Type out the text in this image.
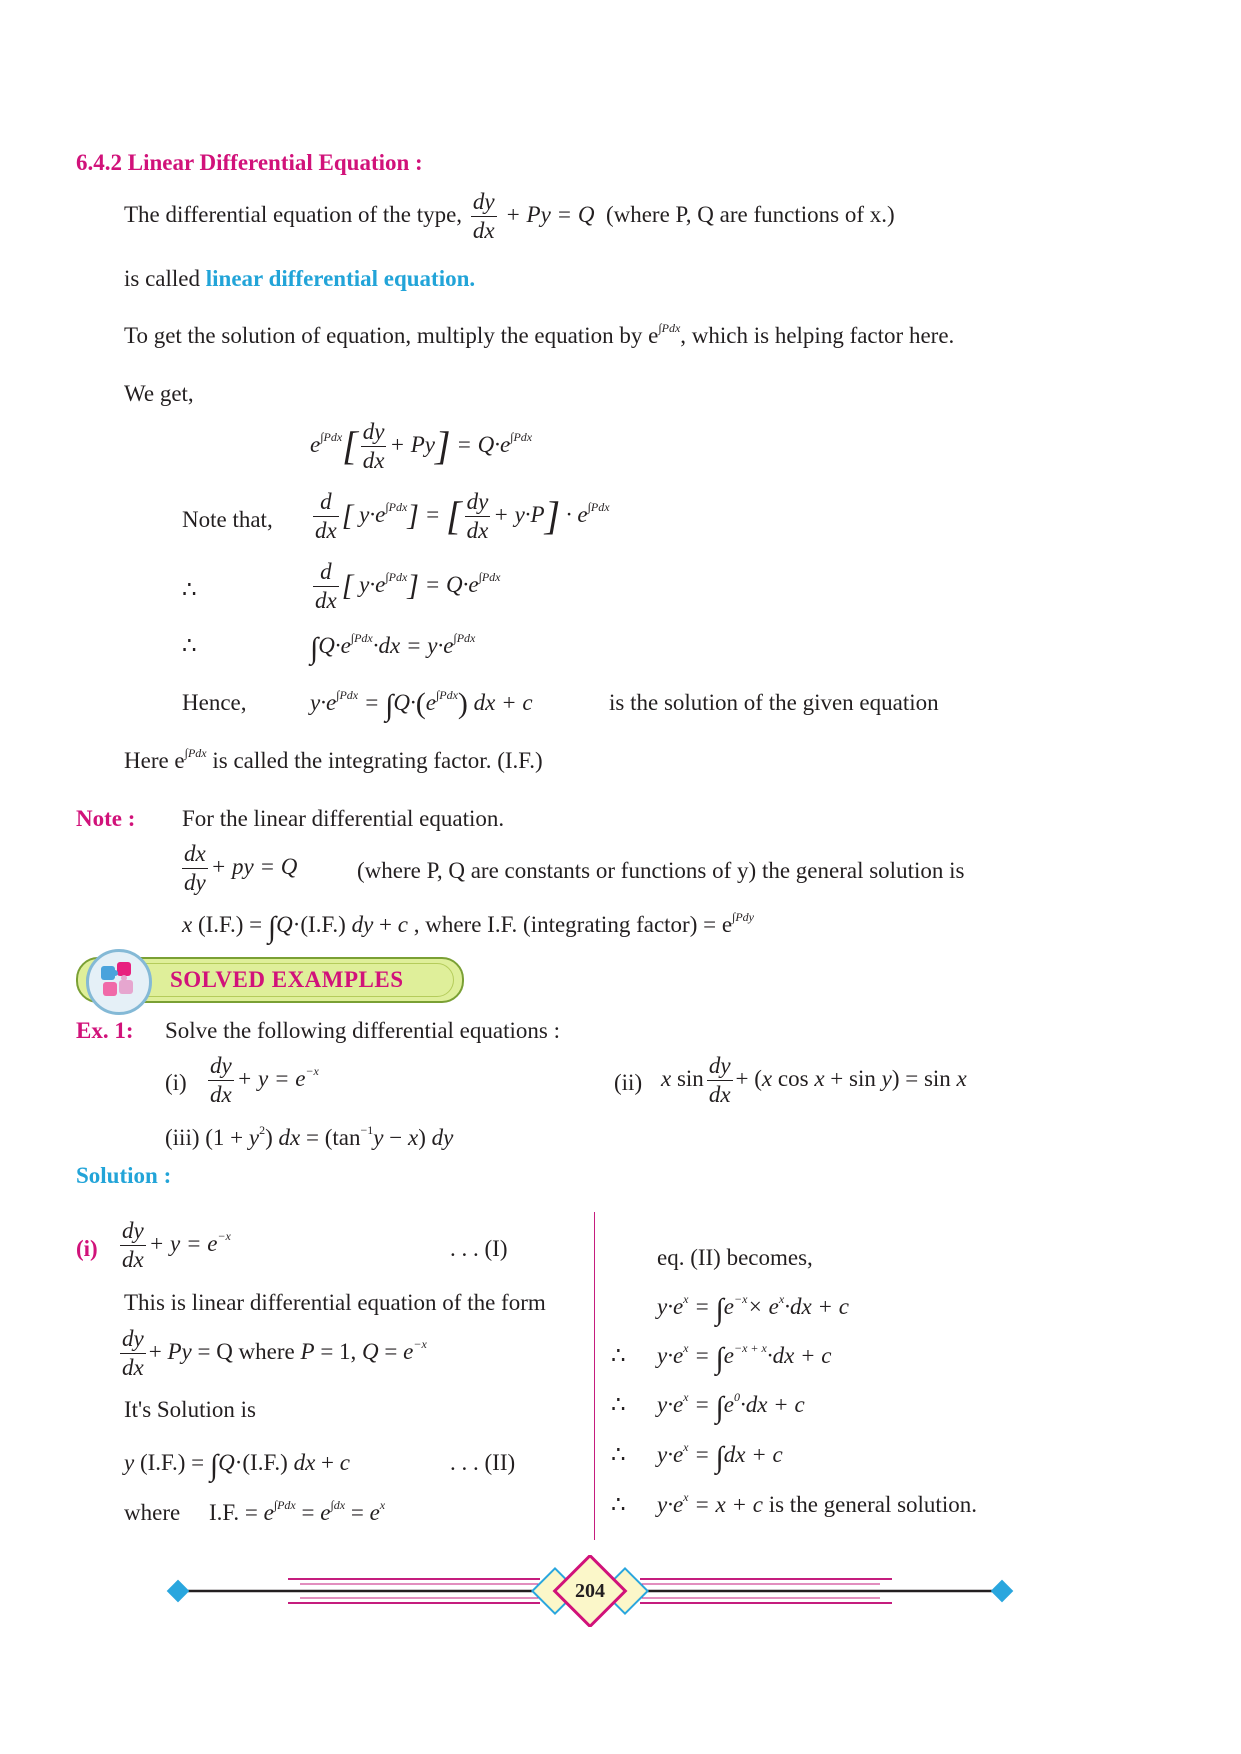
6.4.2 Linear Differential Equation :
The differential equation of the type, $\frac{dy}{dx} + Py = Q$ (where P, Q are functions of x.)
is called linear differential equation.
To get the solution of equation, multiply the equation by $e^{\int Pdx}$, which is helping factor here.
We get,
$e^{\int Pdx}[ \frac{dy}{dx} + Py] = Q\cdot e^{\int Pdx}$
Note that, $\frac{d}{dx}$ [ $y\cdot e^{\int Pdx}$] = [ $\frac{dy}{dx} + y\cdot P] \cdot e^{\int Pdx}$
∴	$\frac{d}{dx}$ [ $y\cdot e^{\int Pdx}] = Q\cdot e^{\int Pdx}$
∴	$\int Q\cdot e^{\int Pdx}\cdot dx = y\cdot e^{\int Pdx}$
Hence,	$y\cdot e^{\int Pdx} = \int Q\cdot(e^{\int Pdx})$ dx + c	is the solution of the given equation
Here $e^{\int Pdx}$ is called the integrating factor. (I.F.)
Note : For the linear differential equation.
$\frac{dx}{dy}$ + py = Q	(where P, Q are constants or functions of y) the general solution is
x (I.F.) = ∫Q·(I.F.) dy + c , where I.F. (integrating factor) = $e^{\int Pdy}$
SOLVED EXAMPLES
Ex. 1: Solve the following differential equations :
$(i) \frac{dy}{dx} + y = e^{-x}$	(ii) x $\sin \frac{dy}{dx} + (x$ cos x + sin y) = sin x
(iii) $(1 + y^2)$ dx = $(\tan^{-1}y - x)$ dy
Solution :
$(i) \frac{dy}{dx} + y = e^{-x}$
. . . (I)
This is linear differential equation of the form
$\frac{dy}{dx} + Py = Q$ where P = 1, $Q = e^{-x}$
It's Solution is
y (I.F.) = ∫Q·(I.F.) dx + c	. . . (II)
where I.F. = $e^{\int Pdx} = e^{\int dx} = e^x$
eq. (II) becomes,
$y\cdot e^x = \int e^{-x}\times e^x\cdot dx + c$
∴ $y\cdot e^x = \int e^{-x + x}\cdot dx + c$
∴ $y\cdot e^x = \int e^0\cdot dx + c$
∴ $y\cdot e^x = \int dx + c$
∴ $y\cdot e^x = x + c$ is the general solution.
204
